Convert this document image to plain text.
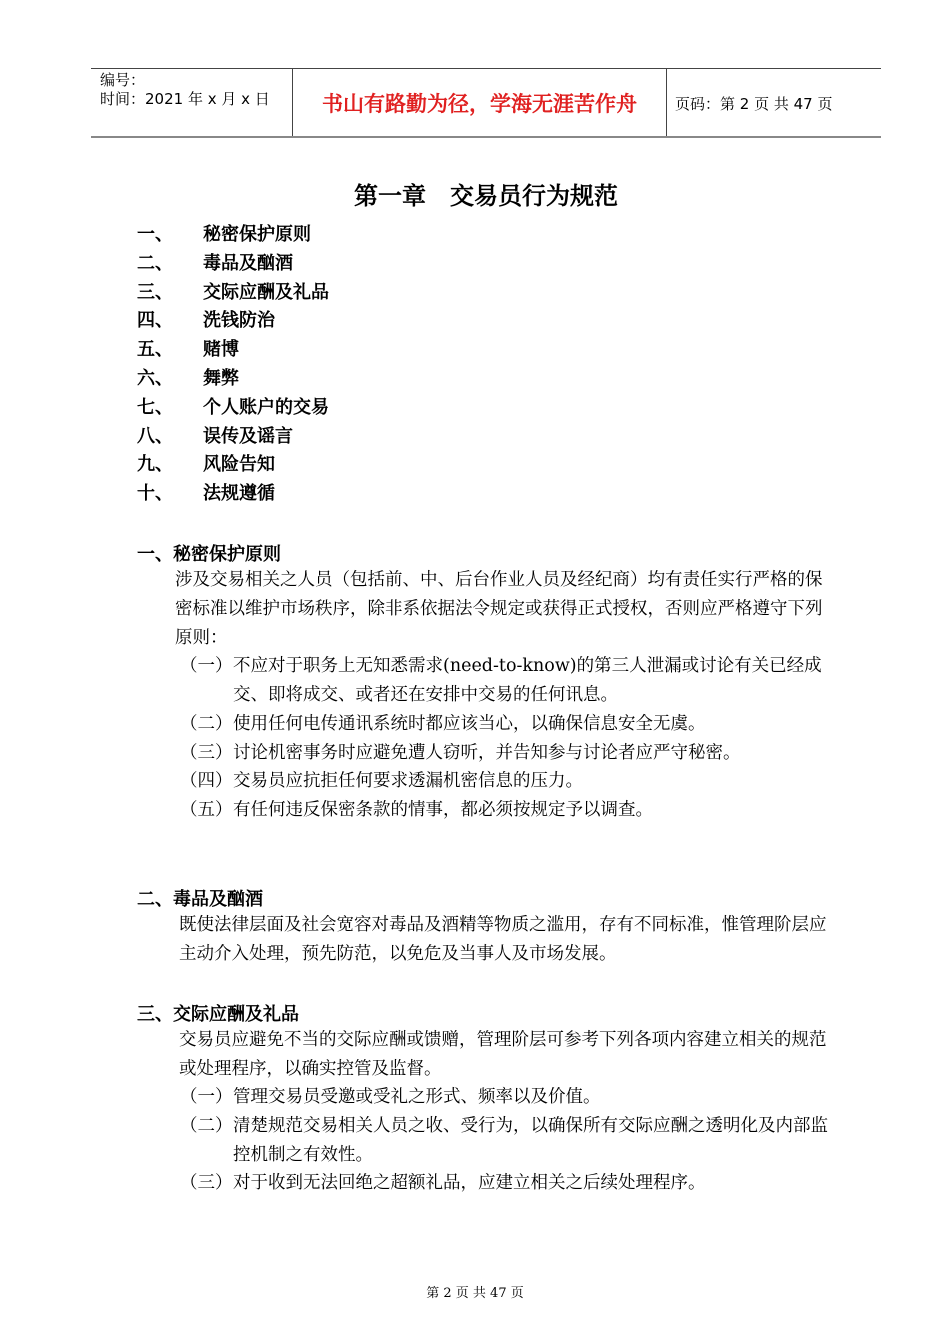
编号：
时间：2021 年 x 月 x 日	书山有路勤为径，学海无涯苦作舟	页码：第 2 页 共 47 页
第一章 交易员行为规范
一、	秘密保护原则
二、	毒品及酗酒
三、	交际应酬及礼品
四、	洗钱防治
五、	赌博
六、	舞弊
七、	个人账户的交易
八、	误传及谣言
九、	风险告知
十、	法规遵循
一、秘密保护原则
涉及交易相关之人员（包括前、中、后台作业人员及经纪商）均有责任实行严格的保密标准以维护市场秩序，除非系依据法令规定或获得正式授权，否则应严格遵守下列原则：
（一） 不应对于职务上无知悉需求(need-to-know)的第三人泄漏或讨论有关已经成交、即将成交、或者还在安排中交易的任何讯息。
（二） 使用任何电传通讯系统时都应该当心，以确保信息安全无虞。
（三） 讨论机密事务时应避免遭人窃听，并告知参与讨论者应严守秘密。
（四） 交易员应抗拒任何要求透漏机密信息的压力。
（五） 有任何违反保密条款的情事，都必须按规定予以调查。
二、毒品及酗酒
既使法律层面及社会宽容对毒品及酒精等物质之滥用，存有不同标准，惟管理阶层应主动介入处理，预先防范，以免危及当事人及市场发展。
三、交际应酬及礼品
交易员应避免不当的交际应酬或馈赠，管理阶层可参考下列各项内容建立相关的规范或处理程序，以确实控管及监督。
（一） 管理交易员受邀或受礼之形式、频率以及价值。
（二） 清楚规范交易相关人员之收、受行为，以确保所有交际应酬之透明化及内部监控机制之有效性。
（三） 对于收到无法回绝之超额礼品，应建立相关之后续处理程序。
第 2 页 共 47 页
